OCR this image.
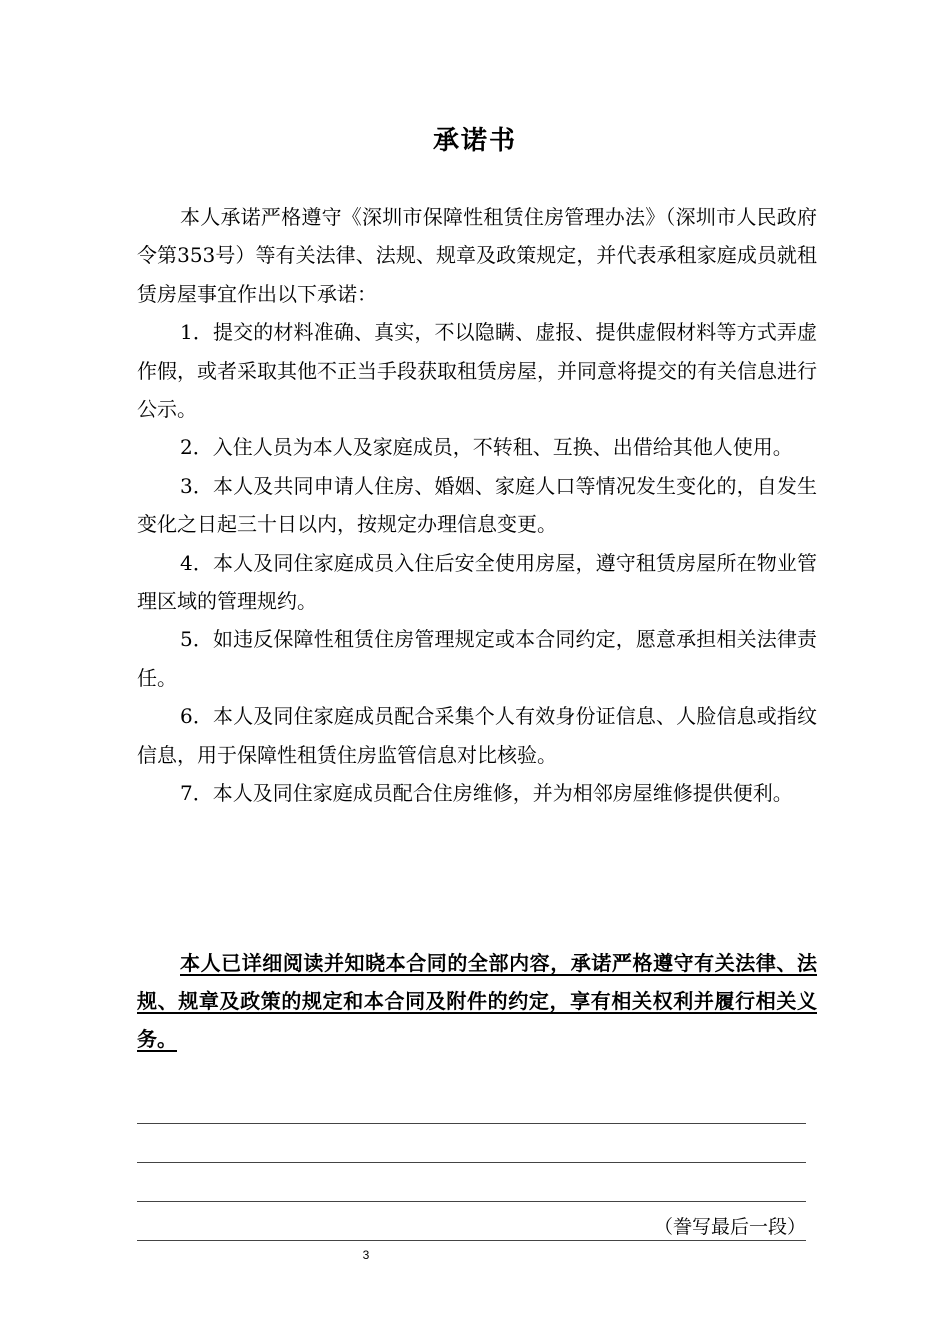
承诺书

本人承诺严格遵守《深圳市保障性租赁住房管理办法》（深圳市人民政府令第353号）等有关法律、法规、规章及政策规定，并代表承租家庭成员就租赁房屋事宜作出以下承诺：

1．提交的材料准确、真实，不以隐瞒、虚报、提供虚假材料等方式弄虚作假，或者采取其他不正当手段获取租赁房屋，并同意将提交的有关信息进行公示。

2．入住人员为本人及家庭成员，不转租、互换、出借给其他人使用。

3．本人及共同申请人住房、婚姻、家庭人口等情况发生变化的，自发生变化之日起三十日以内，按规定办理信息变更。

4．本人及同住家庭成员入住后安全使用房屋，遵守租赁房屋所在物业管理区域的管理规约。

5．如违反保障性租赁住房管理规定或本合同约定，愿意承担相关法律责任。

6．本人及同住家庭成员配合采集个人有效身份证信息、人脸信息或指纹信息，用于保障性租赁住房监管信息对比核验。

7．本人及同住家庭成员配合住房维修，并为相邻房屋维修提供便利。

本人已详细阅读并知晓本合同的全部内容，承诺严格遵守有关法律、法规、规章及政策的规定和本合同及附件的约定，享有相关权利并履行相关义务。

（誊写最后一段）
3
